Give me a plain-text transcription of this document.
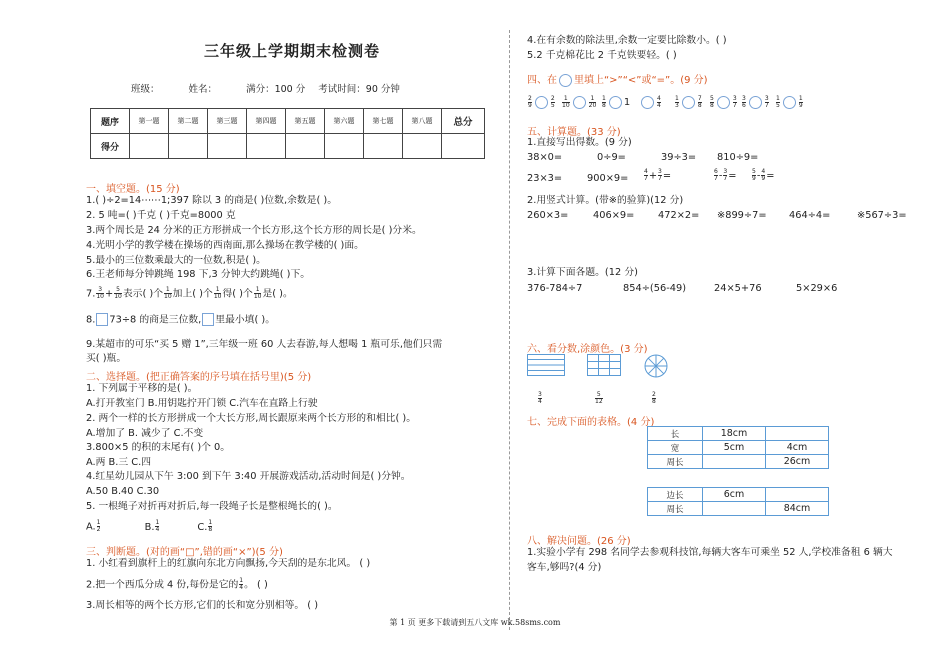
三年级上学期期末检测卷
班级：	姓名：	满分：100 分 考试时间：90 分钟
题序	第一题	第二题	第三题	第四题	第五题	第六题	第七题	第八题	总分
得分									
一、填空题。(15 分)
1.( )÷2=14⋯⋯1;397 除以 3 的商是( )位数,余数是( )。
2. 5 吨=( )千克 ( )千克=8000 克
3.两个周长是 24 分米的正方形拼成一个长方形,这个长方形的周长是( )分米。
4.光明小学的教学楼在操场的西南面,那么操场在教学楼的( )面。
5.最小的三位数乘最大的一位数,积是( )。
6.王老师每分钟跳绳 198 下,3 分钟大约跳绳( )下。
7. $\frac{3}{10} + \frac{5}{10}$ 表示( )个 $\frac{1}{10}$ 加上( )个 $\frac{1}{10}$ 得( )个 $\frac{1}{10}$ 是( )。
8. 73÷8 的商是三位数, 里最小填( )。
9.某超市的可乐“买 5 赠 1”,三年级一班 60 人去春游,每人想喝 1 瓶可乐,他们只需
买( )瓶。
二、选择题。(把正确答案的序号填在括号里)(5 分)
1. 下列属于平移的是( )。
A.打开教室门 B.用钥匙拧开门锁 C.汽车在直路上行驶
2. 两个一样的长方形拼成一个大长方形,周长跟原来两个长方形的和相比( )。
A.增加了 B. 减少了 C.不变
3.800×5 的积的末尾有( )个 0。
A.两 B.三 C.四
4.红星幼儿园从下午 3:00 到下午 3:40 开展游戏活动,活动时间是( )分钟。
A.50 B.40 C.30
5. 一根绳子对折再对折后,每一段绳子长是整根绳长的( )。
A. $\frac{1}{2}$	B. $\frac{1}{4}$	C. $\frac{1}{8}$
三、判断题。(对的画“□”,错的画“×”)(5 分)
1. 小红看到旗杆上的红旗向东北方向飘扬,今天刮的是东北风。 ( )
2.把一个西瓜分成 4 份,每份是它的 $\frac{1}{4}$ 。 ( )
3.周长相等的两个长方形,它们的长和宽分别相等。 ( )
4.在有余数的除法里,余数一定要比除数小。( )
5.2 千克棉花比 2 千克铁要轻。( )
四、在 里填上“>”“<”或“=”。(9 分)
$\frac{2}{9}$	$\frac{2}{5} \frac{1}{10}$	$\frac{1}{20} \frac{1}{8} 1$	$\frac{4}{4} \frac{1}{3}$	$\frac{7}{8} \frac{5}{8}$	$\frac{3}{7} \frac{3}{6}$	$\frac{3}{7} \frac{1}{5}$	$\frac{1}{9}$
五、计算题。(33 分)
1.直接写出得数。(9 分)
38×0=	0÷9=	39÷3= 810÷9=
23×3=	900×9=	$\frac{4}{7} + \frac{3}{7}$ =	$\frac{6}{7} - \frac{3}{7}$ =	$\frac{5}{9} - \frac{4}{9}$ =
2.用竖式计算。(带※的验算)(12 分)
260×3=	406×9= 472×2= ※899÷7= 464÷4=	※567÷3=
3.计算下面各题。(12 分)
376-784÷7	854÷(56-49)	24×5+76	5×29×6
六、看分数,涂颜色。(3 分)
$\frac{3}{4}$	$\frac{5}{12}$	$\frac{2}{8}$
七、完成下面的表格。(4 分)
长	18cm	
宽	5cm	4cm
周长		26cm
边长	6cm	
周长		84cm
八、解决问题。(26 分)
1.实验小学有 298 名同学去参观科技馆,每辆大客车可乘坐 52 人,学校准备租 6 辆大
客车,够吗?(4 分)
第 1 页 更多下载请到五八文库 wk.58sms.com
